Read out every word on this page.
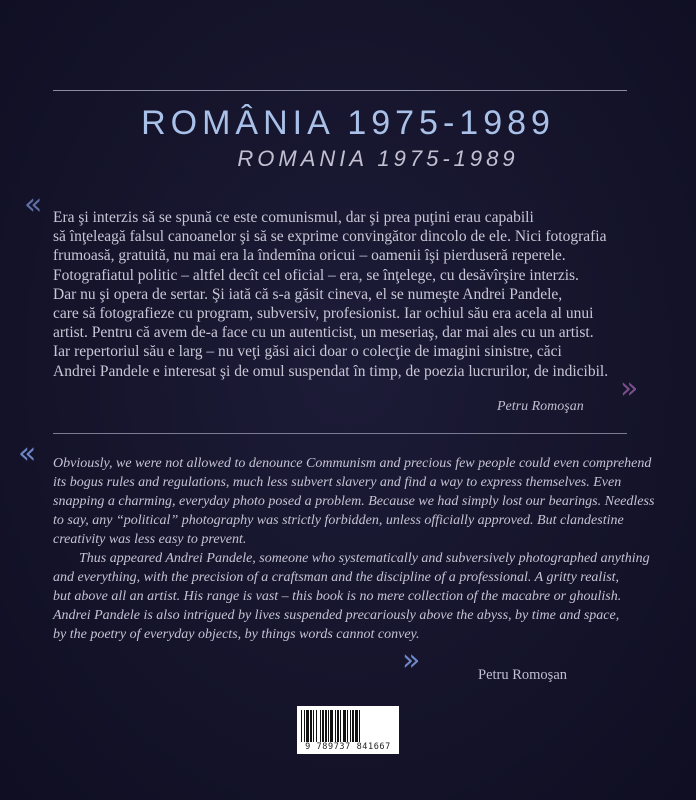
ROMÂNIA 1975-1989
ROMANIA 1975-1989
« Era şi interzis să se spună ce este comunismul, dar şi prea puţini erau capabili
să înţeleagă falsul canoanelor şi să se exprime convingător dincolo de ele. Nici fotografia
frumoasă, gratuită, nu mai era la îndemîna oricui – oamenii îşi pierduseră reperele.
Fotografiatul politic – altfel decît cel oficial – era, se înţelege, cu desăvîrşire interzis.
Dar nu şi opera de sertar. Şi iată că s-a găsit cineva, el se numeşte Andrei Pandele,
care să fotografieze cu program, subversiv, profesionist. Iar ochiul său era acela al unui
artist. Pentru că avem de-a face cu un autenticist, un meseriaş, dar mai ales cu un artist.
Iar repertoriul său e larg – nu veţi găsi aici doar o colecţie de imagini sinistre, căci
Andrei Pandele e interesat şi de omul suspendat în timp, de poezia lucrurilor, de indicibil. »
Petru Romoşan
« Obviously, we were not allowed to denounce Communism and precious few people could even comprehend
its bogus rules and regulations, much less subvert slavery and find a way to express themselves. Even
snapping a charming, everyday photo posed a problem. Because we had simply lost our bearings. Needless
to say, any “political” photography was strictly forbidden, unless officially approved. But clandestine
creativity was less easy to prevent.
Thus appeared Andrei Pandele, someone who systematically and subversively photographed anything
and everything, with the precision of a craftsman and the discipline of a professional. A gritty realist,
but above all an artist. His range is vast – this book is no mere collection of the macabre or ghoulish.
Andrei Pandele is also intrigued by lives suspended precariously above the abyss, by time and space,
by the poetry of everyday objects, by things words cannot convey.

»	Petru Romoşan
9 789737 841667
